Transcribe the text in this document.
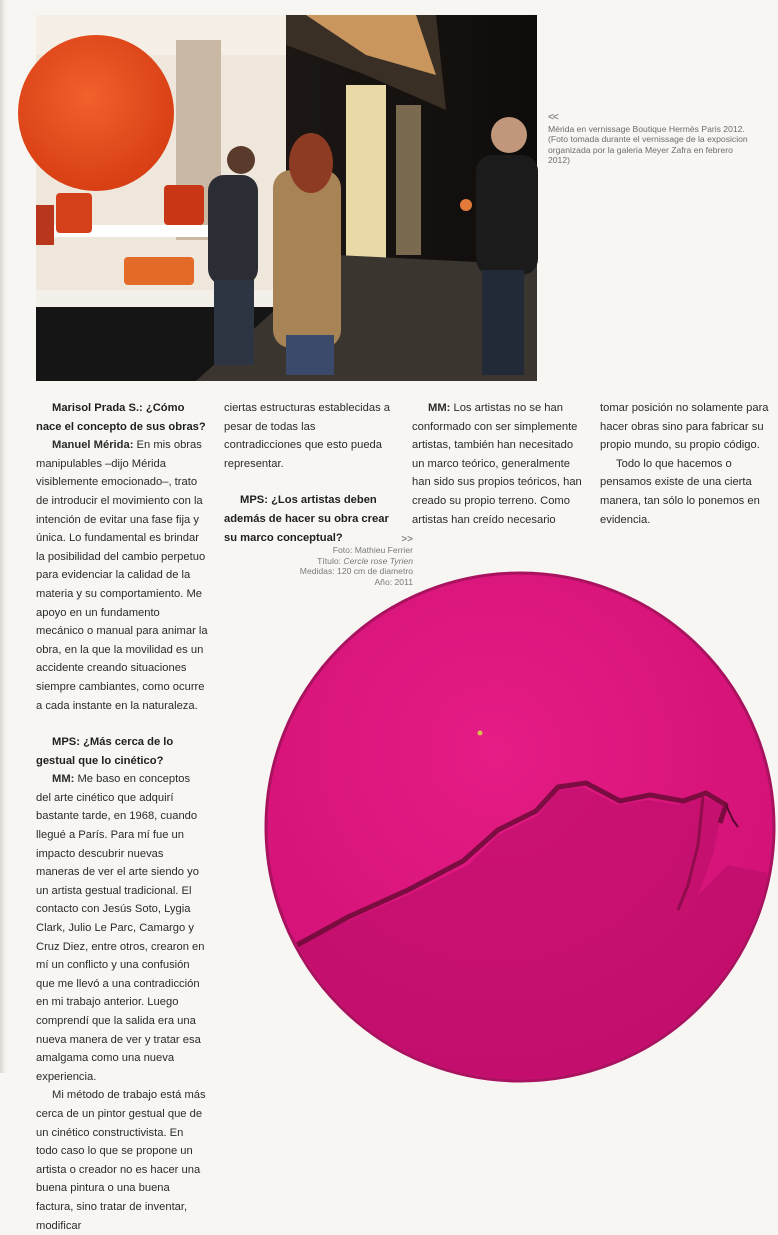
<<
Mérida en vernissage Boutique Hermès Paris 2012. (Foto tomada durante el vernissage de la exposicion organizada por la galeria Meyer Zafra en febrero 2012)

Marisol Prada S.: ¿Cómo nace el concepto de sus obras?

Manuel Mérida: En mis obras manipulables –dijo Mérida visiblemente emocionado–, trato de introducir el movimiento con la intención de evitar una fase fija y única. Lo fundamental es brindar la posibilidad del cambio perpetuo para evidenciar la calidad de la materia y su comportamiento. Me apoyo en un fundamento mecánico o manual para animar la obra, en la que la movilidad es un accidente creando situaciones siempre cambiantes, como ocurre a cada instante en la naturaleza.

MPS: ¿Más cerca de lo gestual que lo cinético?

MM: Me baso en conceptos del arte cinético que adquirí bastante tarde, en 1968, cuando llegué a París. Para mí fue un impacto descubrir nuevas maneras de ver el arte siendo yo un artista gestual tradicional. El contacto con Jesús Soto, Lygia Clark, Julio Le Parc, Camargo y Cruz Diez, entre otros, crearon en mí un conflicto y una confusión que me llevó a una contradicción en mi trabajo anterior. Luego comprendí que la salida era una nueva manera de ver y tratar esa amalgama como una nueva experiencia.

Mi método de trabajo está más cerca de un pintor gestual que de un cinético constructivista. En todo caso lo que se propone un artista o creador no es hacer una buena pintura o una buena factura, sino tratar de inventar, modificar

ciertas estructuras establecidas a pesar de todas las contradicciones que esto pueda representar.

MPS: ¿Los artistas deben además de hacer su obra crear su marco conceptual?

MM: Los artistas no se han conformado con ser simplemente artistas, también han necesitado un marco teórico, generalmente han sido sus propios teóricos, han creado su propio terreno. Como artistas han creído necesario

tomar posición no solamente para hacer obras sino para fabricar su propio mundo, su propio código.

Todo lo que hacemos o pensamos existe de una cierta manera, tan sólo lo ponemos en evidencia.

>>
Foto: Mathieu Ferrier
Título: Cercle rose Tyrien
Medidas: 120 cm de diametro
Año: 2011
